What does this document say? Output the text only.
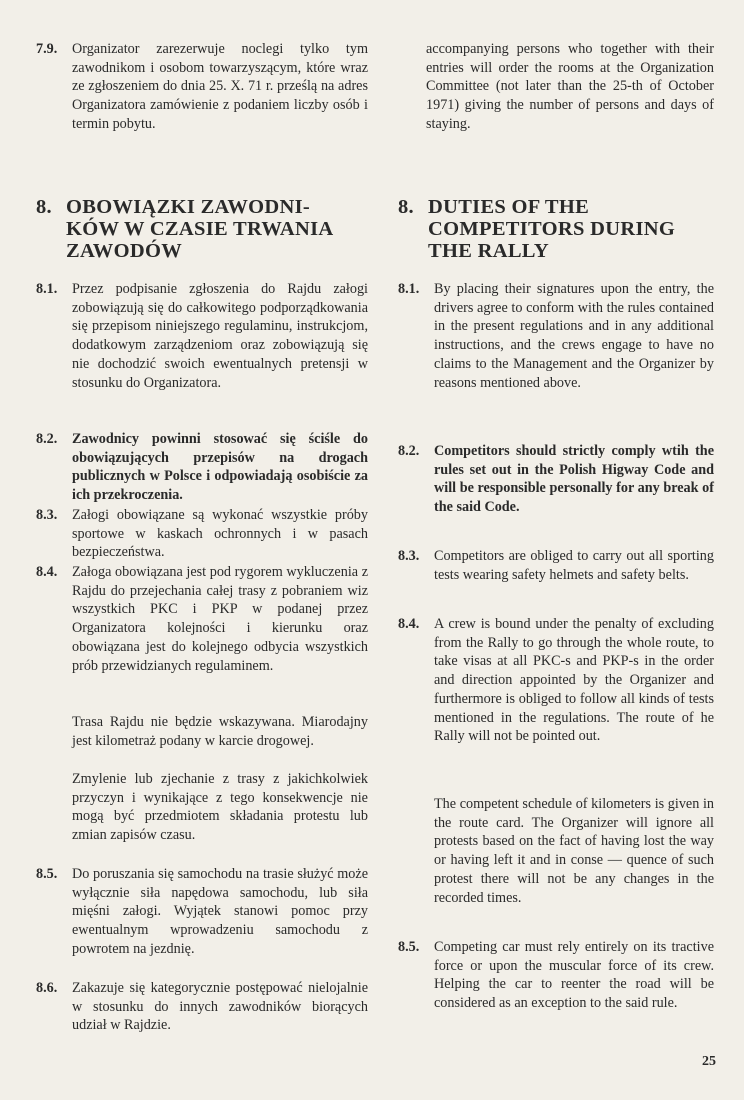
7.9.	Organizator zarezerwuje noclegi tylko tym zawodnikom i osobom towarzyszącym, które wraz ze zgłoszeniem do dnia 25. X. 71 r. prześlą na adres Organizatora zamówienie z podaniem liczby osób i termin pobytu.
8. OBOWIĄZKI ZAWODNI-
KÓW W CZASIE TRWANIA
ZAWODÓW
8.1.	Przez podpisanie zgłoszenia do Rajdu załogi zobowiązują się do całkowitego podporządkowania się przepisom niniejszego regulaminu, instrukcjom, dodatkowym zarządzeniom oraz zobowiązują się nie dochodzić swoich ewentualnych pretensji w stosunku do Organizatora.
8.2.	Zawodnicy powinni stosować się ściśle do obowiązujących przepisów na drogach publicznych w Polsce i odpowiadają osobiście za ich przekroczenia.
8.3.	Załogi obowiązane są wykonać wszystkie próby sportowe w kaskach ochronnych i w pasach bezpieczeństwa.
8.4.	Załoga obowiązana jest pod rygorem wykluczenia z Rajdu do przejechania całej trasy z pobraniem wiz wszystkich PKC i PKP w podanej przez Organizatora kolejności i kierunku oraz obowiązana jest do kolejnego odbycia wszystkich prób przewidzianych regulaminem.
Trasa Rajdu nie będzie wskazywana. Miarodajny jest kilometraż podany w karcie drogowej.
Zmylenie lub zjechanie z trasy z jakichkolwiek przyczyn i wynikające z tego konsekwencje nie mogą być przedmiotem składania protestu lub zmian zapisów czasu.
8.5.	Do poruszania się samochodu na trasie służyć może wyłącznie siła napędowa samochodu, lub siła mięśni załogi. Wyjątek stanowi pomoc przy ewentualnym wprowadzeniu samochodu z powrotem na jezdnię.
8.6.	Zakazuje się kategorycznie postępować nielojalnie w stosunku do innych zawodników biorących udział w Rajdzie.
accompanying persons who together with their entries will order the rooms at the Organization Committee (not later than the 25-th of October 1971) giving the number of persons and days of staying.
8. DUTIES OF THE
COMPETITORS DURING
THE RALLY
8.1.	By placing their signatures upon the entry, the drivers agree to conform with the rules contained in the present regulations and in any additional instructions, and the crews engage to have no claims to the Management and the Organizer by reasons mentioned above.
8.2.	Competitors should strictly comply wtih the rules set out in the Polish Higway Code and will be responsible personally for any break of the said Code.
8.3.	Competitors are obliged to carry out all sporting tests wearing safety helmets and safety belts.
8.4.	A crew is bound under the penalty of excluding from the Rally to go through the whole route, to take visas at all PKC-s and PKP-s in the order and direction appointed by the Organizer and furthermore is obliged to follow all kinds of tests mentioned in the regulations. The route of he Rally will not be pointed out.
The competent schedule of kilometers is given in the route card. The Organizer will ignore all protests based on the fact of having lost the way or having left it and in conse — quence of such protest there will not be any changes in the recorded times.
8.5.	Competing car must rely entirely on its tractive force or upon the muscular force of its crew. Helping the car to reenter the road will be considered as an exception to the said rule.
25
